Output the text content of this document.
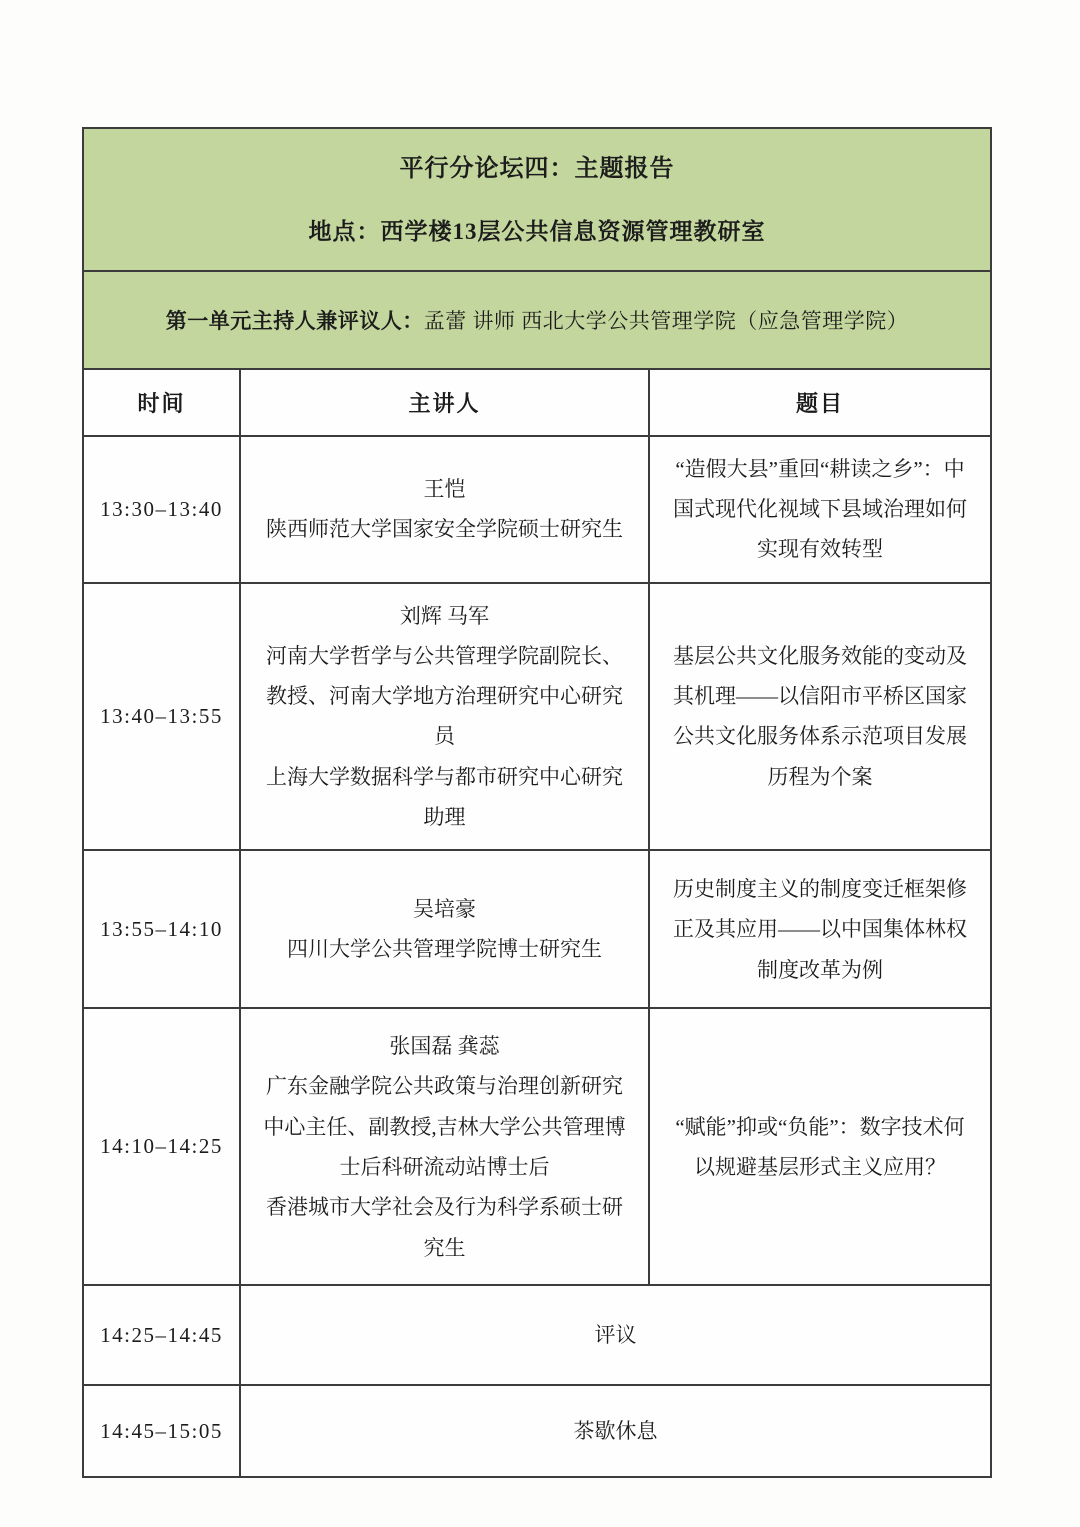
平行分论坛四：主题报告
地点：西学楼13层公共信息资源管理教研室		

第一单元主持人兼评议人：孟蕾 讲师 西北大学公共管理学院（应急管理学院）		
时间	主讲人	题目
13:30–13:40	王恺
陕西师范大学国家安全学院硕士研究生	“造假大县”重回“耕读之乡”：中国式现代化视域下县域治理如何实现有效转型

13:40–13:55	刘辉 马军
河南大学哲学与公共管理学院副院长、教授、河南大学地方治理研究中心研究员
上海大学数据科学与都市研究中心研究助理	基层公共文化服务效能的变动及其机理——以信阳市平桥区国家公共文化服务体系示范项目发展历程为个案

13:55–14:10	吴培豪
四川大学公共管理学院博士研究生	历史制度主义的制度变迁框架修正及其应用——以中国集体林权制度改革为例

14:10–14:25	张国磊 龚蕊
广东金融学院公共政策与治理创新研究中心主任、副教授,吉林大学公共管理博士后科研流动站博士后
香港城市大学社会及行为科学系硕士研究生	“赋能”抑或“负能”：数字技术何以规避基层形式主义应用？

14:25–14:45	评议	
14:45–15:05	茶歇休息	
